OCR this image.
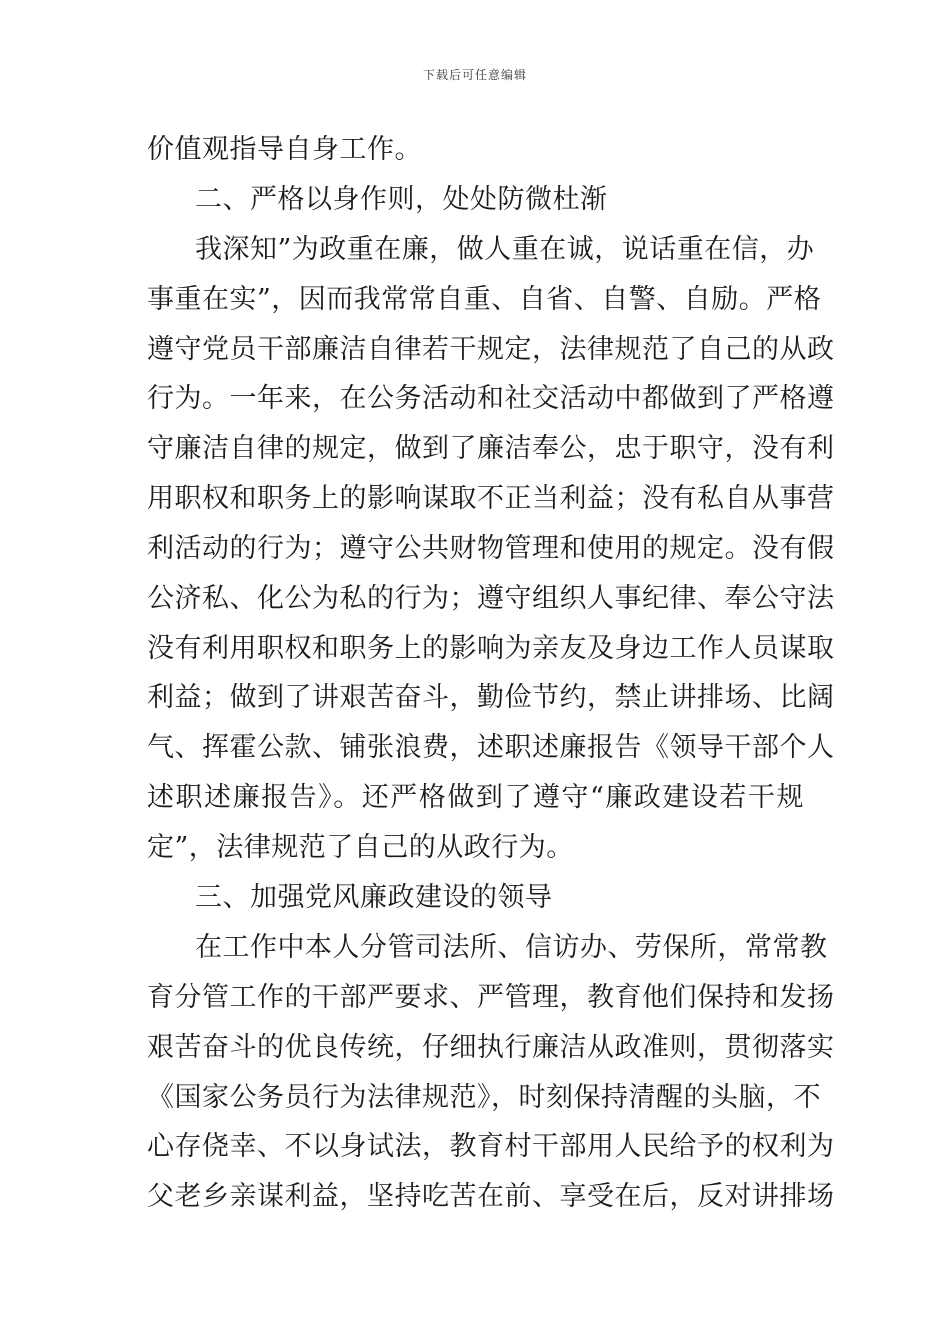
下载后可任意编辑
价值观指导自身工作。
二、严格以身作则，处处防微杜渐
我深知”为政重在廉，做人重在诚，说话重在信，办
事重在实”，因而我常常自重、自省、自警、自励。严格
遵守党员干部廉洁自律若干规定，法律规范了自己的从政
行为。一年来，在公务活动和社交活动中都做到了严格遵
守廉洁自律的规定，做到了廉洁奉公，忠于职守，没有利
用职权和职务上的影响谋取不正当利益；没有私自从事营
利活动的行为；遵守公共财物管理和使用的规定。没有假
公济私、化公为私的行为；遵守组织人事纪律、奉公守法
没有利用职权和职务上的影响为亲友及身边工作人员谋取
利益；做到了讲艰苦奋斗，勤俭节约，禁止讲排场、比阔
气、挥霍公款、铺张浪费，述职述廉报告《领导干部个人
述职述廉报告》。还严格做到了遵守“廉政建设若干规
定”，法律规范了自己的从政行为。
三、加强党风廉政建设的领导
在工作中本人分管司法所、信访办、劳保所，常常教
育分管工作的干部严要求、严管理，教育他们保持和发扬
艰苦奋斗的优良传统，仔细执行廉洁从政准则，贯彻落实
《国家公务员行为法律规范》，时刻保持清醒的头脑，不
心存侥幸、不以身试法，教育村干部用人民给予的权利为
父老乡亲谋利益，坚持吃苦在前、享受在后，反对讲排场
